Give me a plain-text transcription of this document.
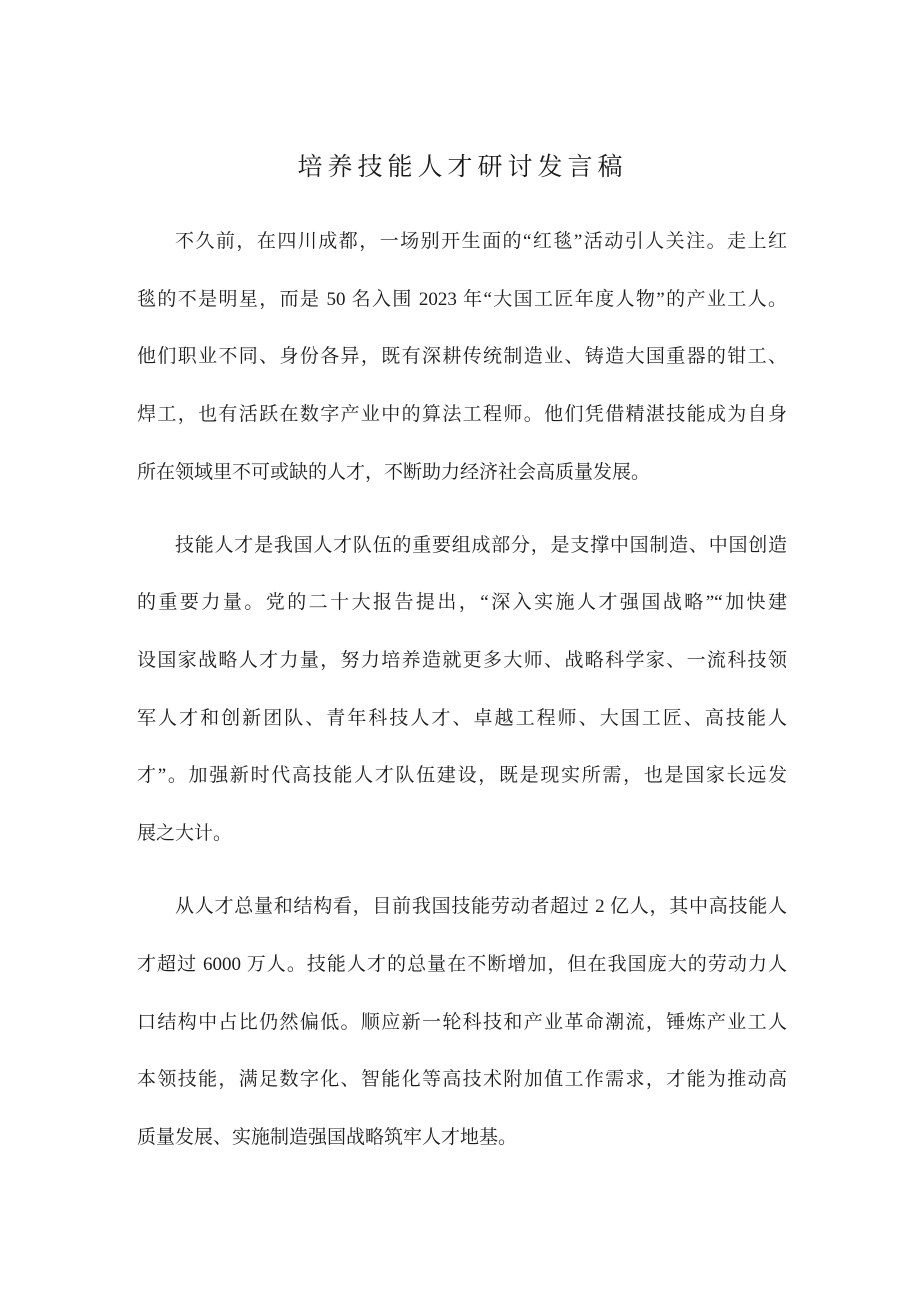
培养技能人才研讨发言稿
不久前，在四川成都，一场别开生面的“红毯”活动引人关注。走上红
毯的不是明星，而是 50 名入围 2023 年“大国工匠年度人物”的产业工人。
他们职业不同、身份各异，既有深耕传统制造业、铸造大国重器的钳工、
焊工，也有活跃在数字产业中的算法工程师。他们凭借精湛技能成为自身
所在领域里不可或缺的人才，不断助力经济社会高质量发展。
技能人才是我国人才队伍的重要组成部分，是支撑中国制造、中国创造
的重要力量。党的二十大报告提出，“深入实施人才强国战略”“加快建
设国家战略人才力量，努力培养造就更多大师、战略科学家、一流科技领
军人才和创新团队、青年科技人才、卓越工程师、大国工匠、高技能人
才”。加强新时代高技能人才队伍建设，既是现实所需，也是国家长远发
展之大计。
从人才总量和结构看，目前我国技能劳动者超过 2 亿人，其中高技能人
才超过 6000 万人。技能人才的总量在不断增加，但在我国庞大的劳动力人
口结构中占比仍然偏低。顺应新一轮科技和产业革命潮流，锤炼产业工人
本领技能，满足数字化、智能化等高技术附加值工作需求，才能为推动高
质量发展、实施制造强国战略筑牢人才地基。
